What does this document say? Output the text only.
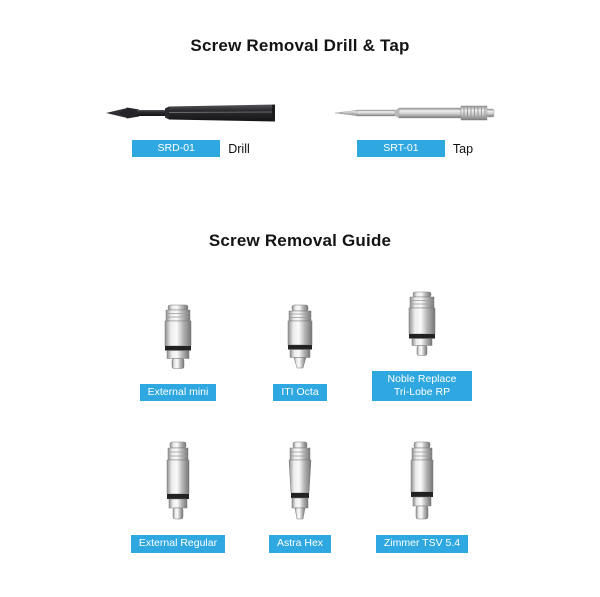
Screw Removal Drill & Tap
SRD-01	Drill	SRT-01	Tap
Screw Removal Guide
External mini	ITI Octa
Noble Replace Tri-Lobe RP
External Regular	Astra Hex	Zimmer TSV 5.4
